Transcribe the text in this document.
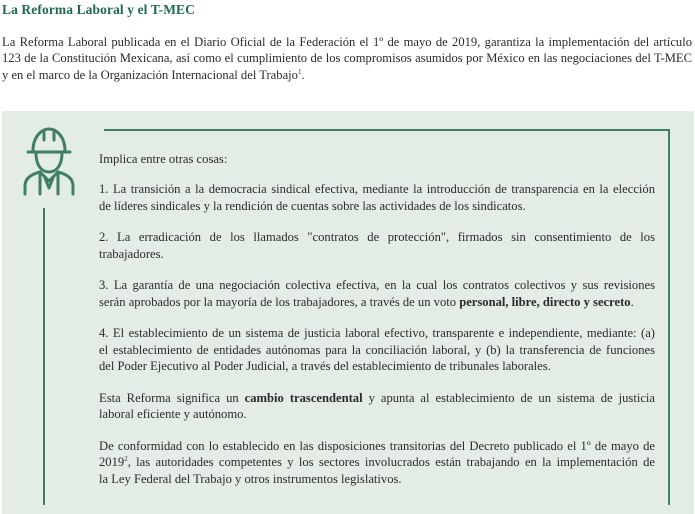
La Reforma Laboral y el T-MEC

La Reforma Laboral publicada en el Diario Oficial de la Federación el 1º de mayo de 2019, garantiza la implementación del artículo
123 de la Constitución Mexicana, así como el cumplimiento de los compromisos asumidos por México en las negociaciones del T-MEC
y en el marco de la Organización Internacional del Trabajo$^1$.

Implica entre otras cosas:

1. La transición a la democracia sindical efectiva, mediante la introducción de transparencia en la elección
de líderes sindicales y la rendición de cuentas sobre las actividades de los sindicatos.

2. La erradicación de los llamados "contratos de protección", firmados sin consentimiento de los
trabajadores.

3. La garantía de una negociación colectiva efectiva, en la cual los contratos colectivos y sus revisiones
serán aprobados por la mayoría de los trabajadores, a través de un voto personal, libre, directo y secreto.

4. El establecimiento de un sistema de justicia laboral efectivo, transparente e independiente, mediante: (a)
el establecimiento de entidades autónomas para la conciliación laboral, y (b) la transferencia de funciones
del Poder Ejecutivo al Poder Judicial, a través del establecimiento de tribunales laborales.

Esta Reforma significa un cambio trascendental y apunta al establecimiento de un sistema de justicia
laboral eficiente y autónomo.

De conformidad con lo establecido en las disposiciones transitorias del Decreto publicado el 1º de mayo de
2019$^2$, las autoridades competentes y los sectores involucrados están trabajando en la implementación de
la Ley Federal del Trabajo y otros instrumentos legislativos.
